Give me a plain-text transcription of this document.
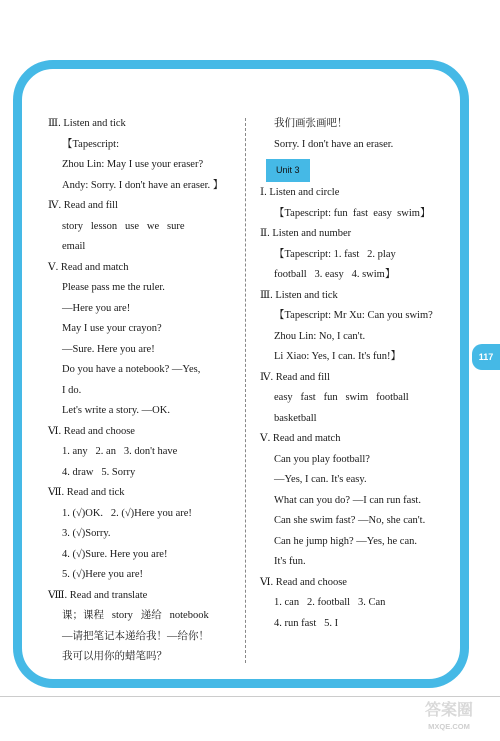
Ⅲ. Listen and tick
【Tapescript:
Zhou Lin: May I use your eraser?
Andy: Sorry. I don't have an eraser. 】
Ⅳ. Read and fill
story   lesson   use   we   sure
email
Ⅴ. Read and match
Please pass me the ruler.
—Here you are!
May I use your crayon?
—Sure. Here you are!
Do you have a notebook? —Yes,
I do.
Let's write a story. —OK.
Ⅵ. Read and choose
1. any   2. an   3. don't have
4. draw   5. Sorry
Ⅶ. Read and tick
1. (√)OK.   2. (√)Here you are!
3. (√)Sorry.
4. (√)Sure. Here you are!
5. (√)Here you are!
Ⅷ. Read and translate
课；课程   story   递给   notebook
—请把笔记本递给我！—给你！
我可以用你的蜡笔吗？
我们画张画吧！
Sorry. I don't have an eraser.
Unit 3
Ⅰ. Listen and circle
【Tapescript: fun  fast  easy  swim】
Ⅱ. Listen and number
【Tapescript: 1. fast   2. play
football   3. easy   4. swim】
Ⅲ. Listen and tick
【Tapescript: Mr Xu: Can you swim?
Zhou Lin: No, I can't.
Li Xiao: Yes, I can. It's fun!】
Ⅳ. Read and fill
easy   fast   fun   swim   football
basketball
Ⅴ. Read and match
Can you play football?
—Yes, I can. It's easy.
What can you do? —I can run fast.
Can she swim fast? —No, she can't.
Can he jump high? —Yes, he can.
It's fun.
Ⅵ. Read and choose
1. can   2. football   3. Can
4. run fast   5. I
117
答案圈
MXQE.COM
